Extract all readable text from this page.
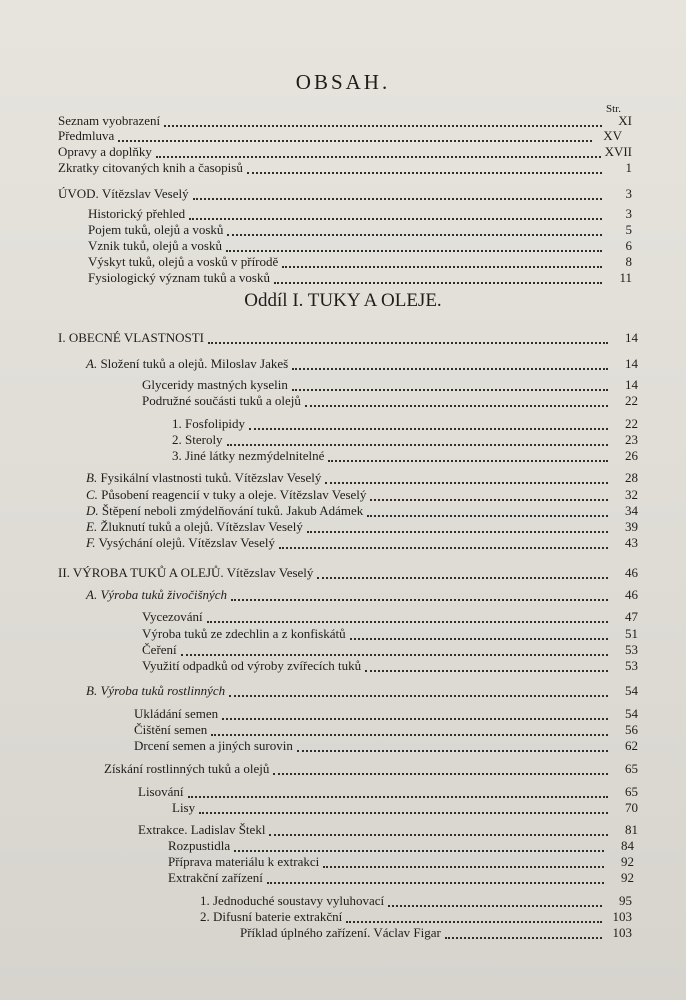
OBSAH.
Str.
Oddíl I. TUKY A OLEJE.
Seznam vyobrazení	XI
Předmluva	XV
Opravy a doplňky	XVII
Zkratky citovaných knih a časopisů	1
ÚVOD. Vítězslav Veselý	3
Historický přehled	3
Pojem tuků, olejů a vosků	5
Vznik tuků, olejů a vosků	6
Výskyt tuků, olejů a vosků v přírodě	8
Fysiologický význam tuků a vosků	11
I. OBECNÉ VLASTNOSTI	14
A. Složení tuků a olejů. Miloslav Jakeš	14
Glyceridy mastných kyselin	14
Podružné součásti tuků a olejů	22
1. Fosfolipidy	22
2. Steroly	23
3. Jiné látky nezmýdelnitelné	26
B. Fysikální vlastnosti tuků. Vítězslav Veselý	28
C. Působení reagencií v tuky a oleje. Vítězslav Veselý	32
D. Štěpení neboli zmýdelňování tuků. Jakub Adámek	34
E. Žluknutí tuků a olejů. Vítězslav Veselý	39
F. Vysýchání olejů. Vítězslav Veselý	43
II. VÝROBA TUKŮ A OLEJŮ. Vítězslav Veselý	46
A. Výroba tuků živočišných	46
Vycezování	47
Výroba tuků ze zdechlin a z konfiskátů	51
Čeření	53
Využití odpadků od výroby zvířecích tuků	53
B. Výroba tuků rostlinných	54
Ukládání semen	54
Čištění semen	56
Drcení semen a jiných surovin	62
Získání rostlinných tuků a olejů	65
Lisování	65
Lisy	70
Extrakce. Ladislav Štekl	81
Rozpustidla	84
Příprava materiálu k extrakci	92
Extrakční zařízení	92
1. Jednoduché soustavy vyluhovací	95
2. Difusní baterie extrakční	103
Příklad úplného zařízení. Václav Figar	103
